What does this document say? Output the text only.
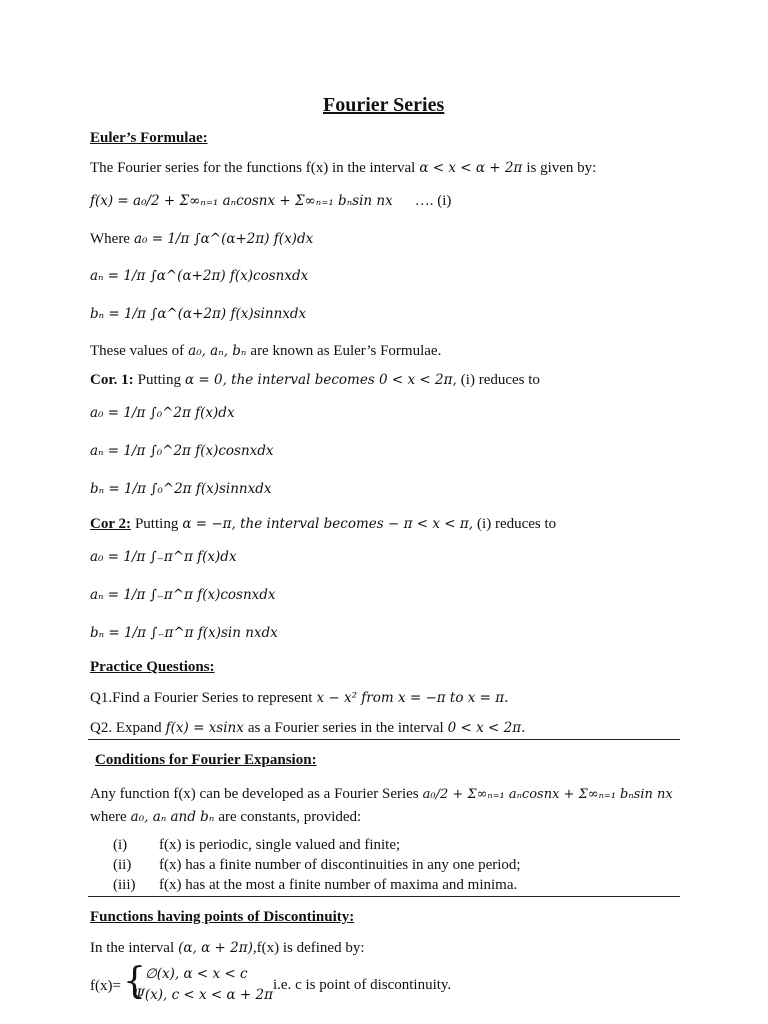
Fourier Series
Euler’s Formulae:
The Fourier series for the functions f(x) in the interval α < x < α + 2π is given by:
f(x) = a₀/2 + Σ∞ₙ₌₁ aₙcosnx + Σ∞ₙ₌₁ bₙsin nx …. (i)
Where a₀ = 1/π ∫α^(α+2π) f(x)dx
aₙ = 1/π ∫α^(α+2π) f(x)cosnxdx
bₙ = 1/π ∫α^(α+2π) f(x)sinnxdx
These values of a₀, aₙ, bₙ are known as Euler’s Formulae.
Cor. 1: Putting α = 0, the interval becomes 0 < x < 2π, (i) reduces to
a₀ = 1/π ∫₀^2π f(x)dx
aₙ = 1/π ∫₀^2π f(x)cosnxdx
bₙ = 1/π ∫₀^2π f(x)sinnxdx
Cor 2: Putting α = −π, the interval becomes − π < x < π, (i) reduces to
a₀ = 1/π ∫₋π^π f(x)dx
aₙ = 1/π ∫₋π^π f(x)cosnxdx
bₙ = 1/π ∫₋π^π f(x)sin nxdx
Practice Questions:
Q1.Find a Fourier Series to represent x − x² from x = −π to x = π.
Q2. Expand f(x) = xsinx as a Fourier series in the interval 0 < x < 2π.
Conditions for Fourier Expansion:
Any function f(x) can be developed as a Fourier Series a₀/2 + Σ∞ₙ₌₁ aₙcosnx + Σ∞ₙ₌₁ bₙsin nx
where a₀, aₙ and bₙ are constants, provided:
(i) f(x) is periodic, single valued and finite;
(ii) f(x) has a finite number of discontinuities in any one period;
(iii) f(x) has at the most a finite number of maxima and minima.
Functions having points of Discontinuity:
In the interval (α, α + 2π),f(x) is defined by:
f(x)= { ∅(x), α < x < c
Ψ(x), c < x < α + 2π
i.e. c is point of discontinuity.
